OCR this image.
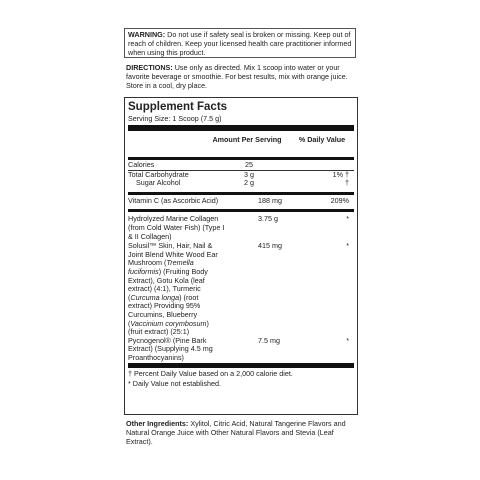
WARNING: Do not use if safety seal is broken or missing. Keep out of reach of children. Keep your licensed health care practitioner informed when using this product.
DIRECTIONS: Use only as directed. Mix 1 scoop into water or your favorite beverage or smoothie. For best results, mix with orange juice. Store in a cool, dry place.
Supplement Facts
Serving Size: 1 Scoop (7.5 g)
Amount Per Serving	% Daily Value
Calories	25
Total Carbohydrate	3 g	1% †
Sugar Alcohol	2 g	†
Vitamin C (as Ascorbic Acid)	188 mg	209%
Hydrolyzed Marine Collagen (from Cold Water Fish) (Type I & II Collagen)
3.75 g	*
Solusil™ Skin, Hair, Nail & Joint Blend White Wood Ear Mushroom (Tremella fuciformis) (Fruiting Body Extract), Gotu Kola (leaf extract) (4:1), Turmeric (Curcuma longa) (root extract) Providing 95% Curcumins, Blueberry (Vaccinium corymbosum) (fruit extract) (25:1)
415 mg	*
Pycnogenol® (Pine Bark Extract) (Supplying 4.5 mg Proanthocyanins)
7.5 mg	*
† Percent Daily Value based on a 2,000 calorie diet.
* Daily Value not established.
Other Ingredients: Xylitol, Citric Acid, Natural Tangerine Flavors and Natural Orange Juice with Other Natural Flavors and Stevia (Leaf Extract).
